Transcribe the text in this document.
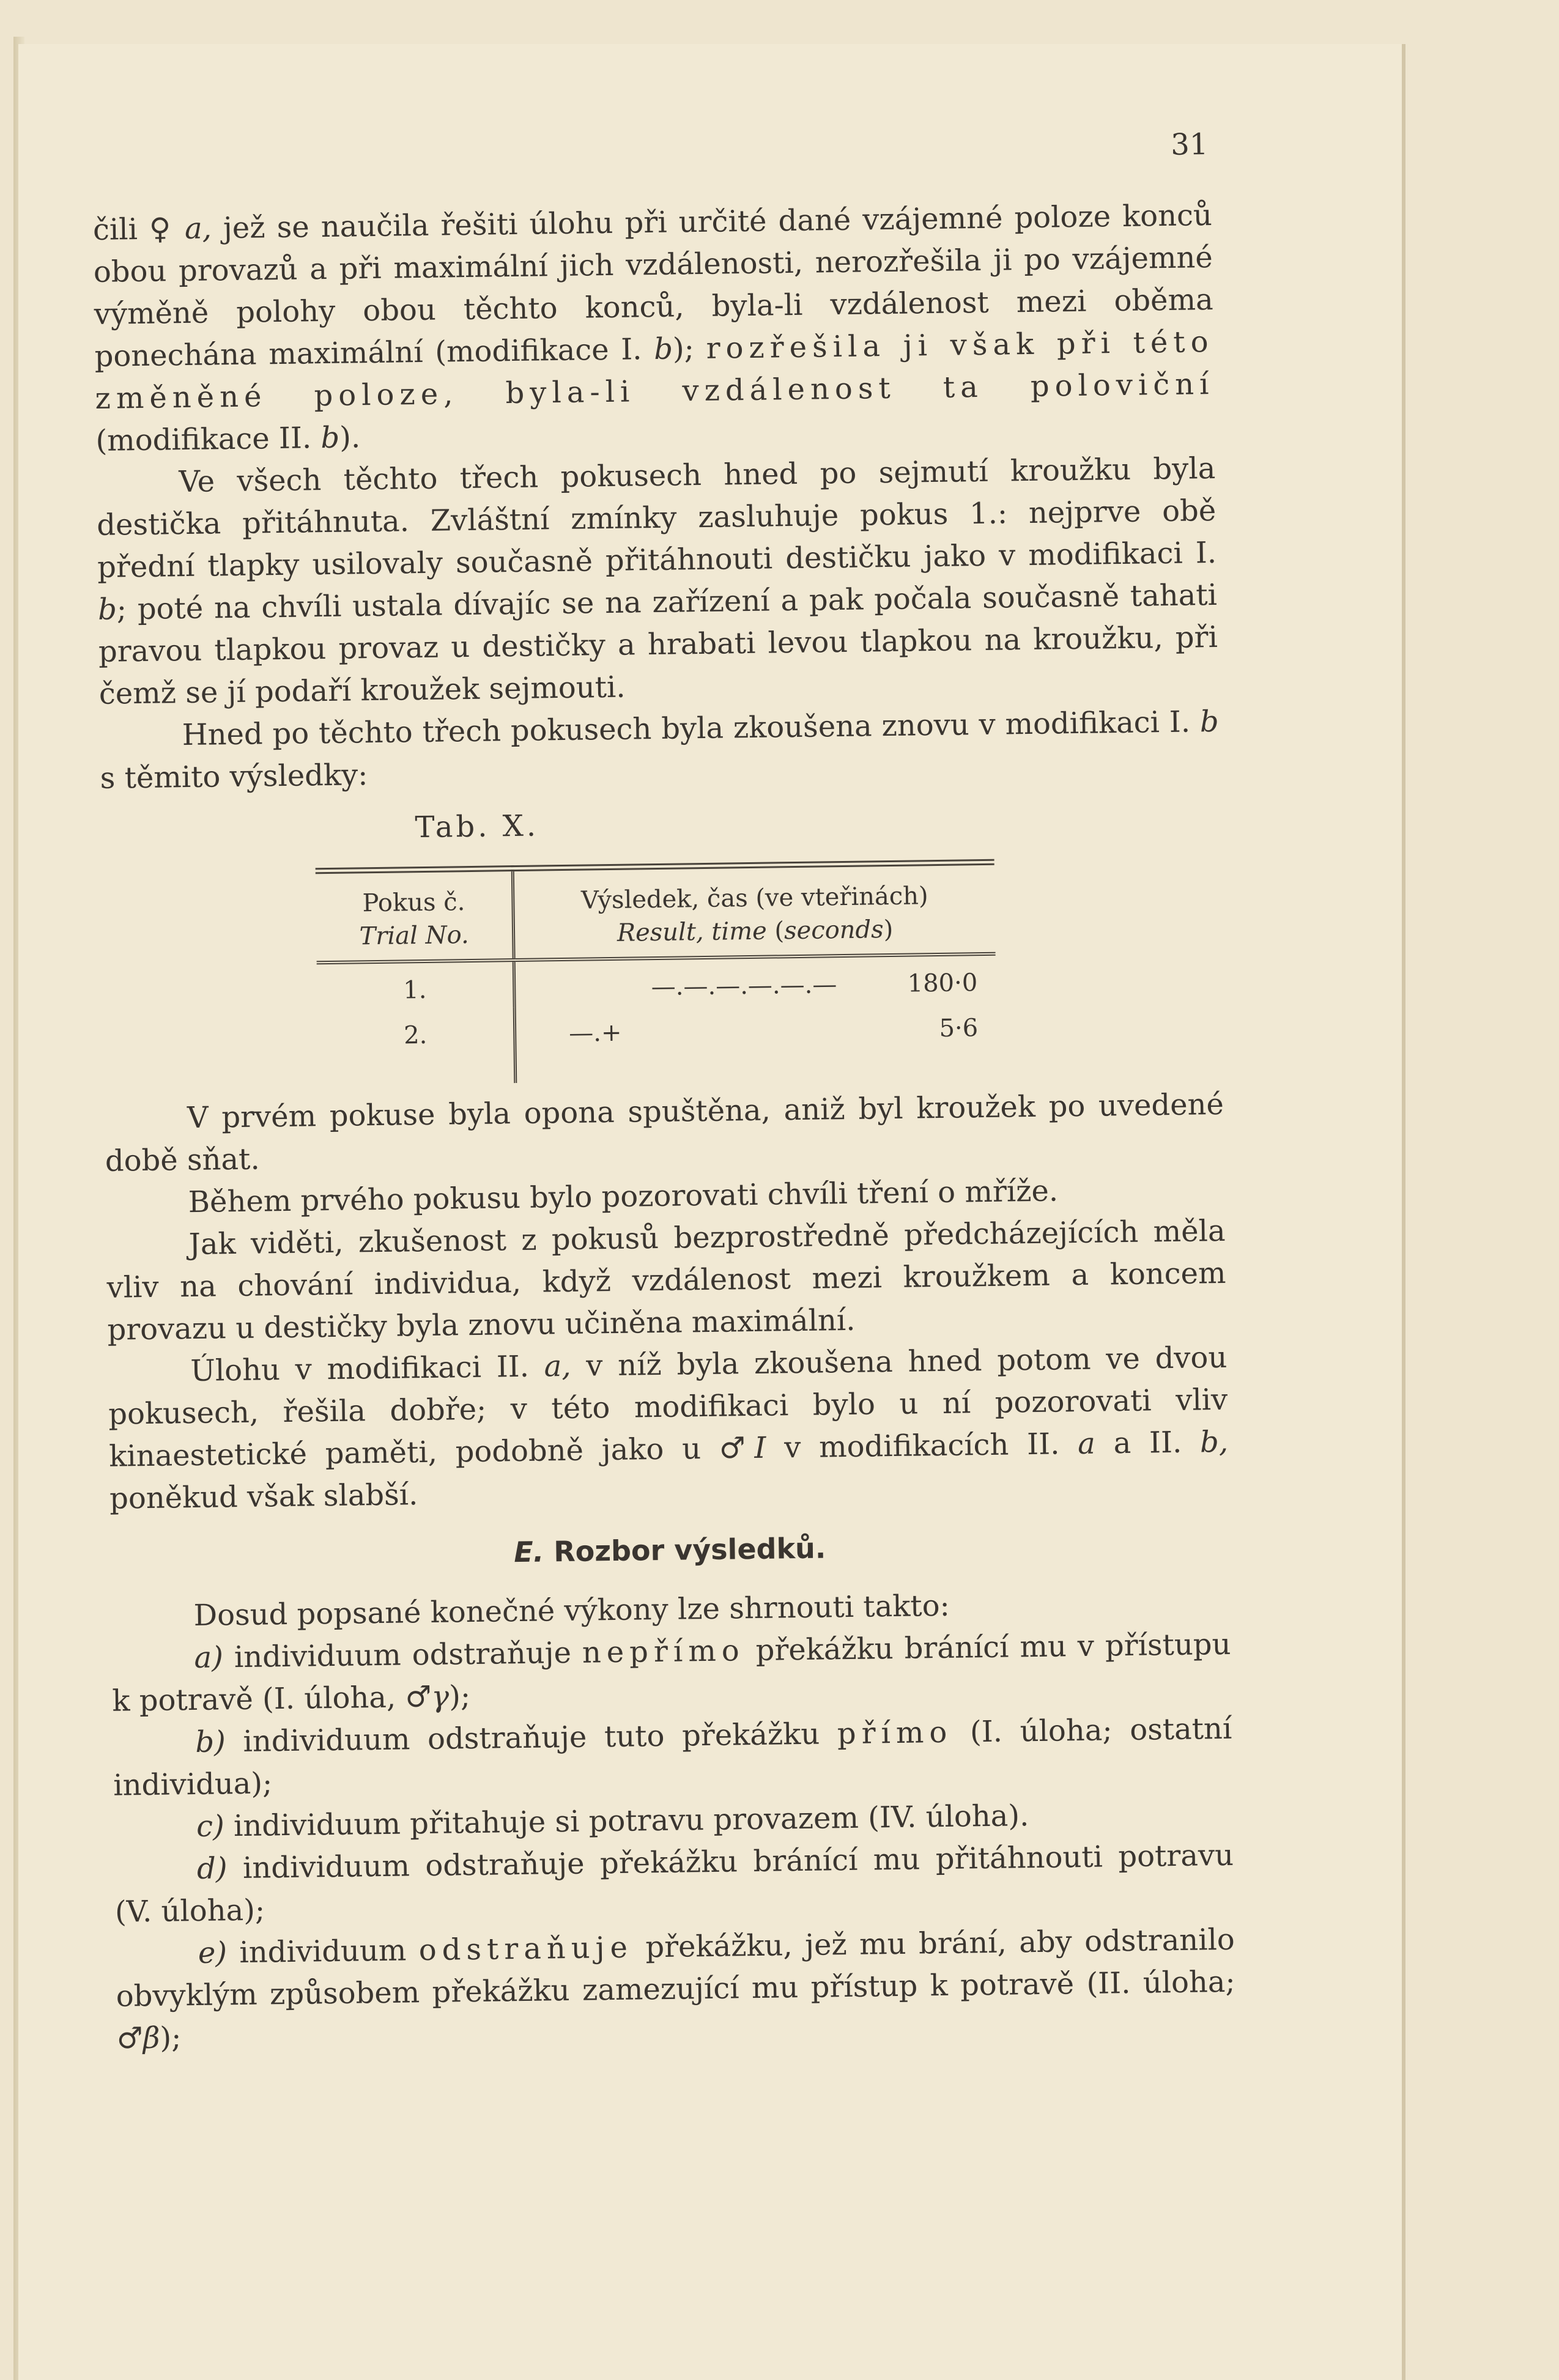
31

čili ♀ a, jež se naučila řešiti úlohu při určité dané vzájemné poloze konců obou provazů a při maximální jich vzdálenosti, nerozřešila ji po vzájemné výměně polohy obou těchto konců, byla-li vzdálenost mezi oběma ponechána maximální (modifikace I. b); rozřešila ji však při této změněné poloze, byla-li vzdálenost ta poloviční (modifikace II. b).

Ve všech těchto třech pokusech hned po sejmutí kroužku byla destička přitáhnuta. Zvláštní zmínky zasluhuje pokus 1.: nejprve obě přední tlapky usilovaly současně přitáhnouti destičku jako v modifikaci I. b; poté na chvíli ustala dívajíc se na zařízení a pak počala současně tahati pravou tlapkou provaz u destičky a hrabati levou tlapkou na kroužku, při čemž se jí podaří kroužek sejmouti.

Hned po těchto třech pokusech byla zkoušena znovu v modifikaci I. b s těmito výsledky:

Tab. X.
Pokus č.
Trial No.	Výsledek, čas (ve vteřinách)
Result, time (seconds)
1.	—.—.—.—.—.— 180·0
2.	—.+ 5·6

V prvém pokuse byla opona spuštěna, aniž byl kroužek po uvedené době sňat.

Během prvého pokusu bylo pozorovati chvíli tření o mříže.

Jak viděti, zkušenost z pokusů bezprostředně předcházejících měla vliv na chování individua, když vzdálenost mezi kroužkem a koncem provazu u destičky byla znovu učiněna maximální.

Úlohu v modifikaci II. a, v níž byla zkoušena hned potom ve dvou pokusech, řešila dobře; v této modifikaci bylo u ní pozorovati vliv kinaestetické paměti, podobně jako u ♂I v modifikacích II. a a II. b, poněkud však slabší.

E. Rozbor výsledků.

Dosud popsané konečné výkony lze shrnouti takto:

a) individuum odstraňuje nepřímo překážku bránící mu v přístupu k potravě (I. úloha, ♂γ);

b) individuum odstraňuje tuto překážku přímo (I. úloha; ostatní individua);

c) individuum přitahuje si potravu provazem (IV. úloha).

d) individuum odstraňuje překážku bránící mu přitáhnouti potravu (V. úloha);

e) individuum odstraňuje překážku, jež mu brání, aby odstranilo obvyklým způsobem překážku zamezující mu přístup k potravě (II. úloha; ♂β);
